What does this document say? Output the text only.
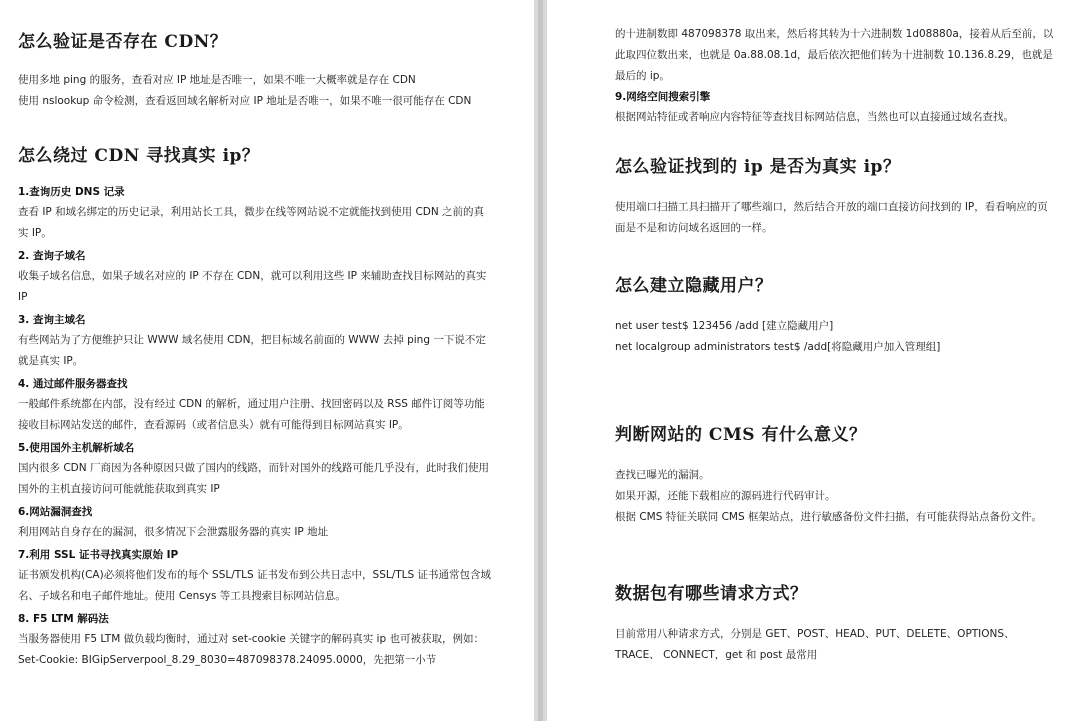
怎么验证是否存在 CDN？

使用多地 ping 的服务，查看对应 IP 地址是否唯一，如果不唯一大概率就是存在 CDN

使用 nslookup 命令检测，查看返回域名解析对应 IP 地址是否唯一，如果不唯一很可能存在 CDN

怎么绕过 CDN 寻找真实 ip？
1.查询历史 DNS 记录

查看 IP 和域名绑定的历史记录，利用站长工具，微步在线等网站说不定就能找到使用 CDN 之前的真实 IP。

2. 查询子域名

收集子域名信息，如果子域名对应的 IP 不存在 CDN，就可以利用这些 IP 来辅助查找目标网站的真实 IP

3. 查询主域名

有些网站为了方便维护只让 WWW 域名使用 CDN，把目标域名前面的 WWW 去掉 ping 一下说不定就是真实 IP。

4. 通过邮件服务器查找

一般邮件系统都在内部，没有经过 CDN 的解析，通过用户注册、找回密码以及 RSS 邮件订阅等功能接收目标网站发送的邮件，查看源码（或者信息头）就有可能得到目标网站真实 IP。

5.使用国外主机解析域名

国内很多 CDN 厂商因为各种原因只做了国内的线路，而针对国外的线路可能几乎没有，此时我们使用国外的主机直接访问可能就能获取到真实 IP

6.网站漏洞查找

利用网站自身存在的漏洞，很多情况下会泄露服务器的真实 IP 地址

7.利用 SSL 证书寻找真实原始 IP

证书颁发机构(CA)必须将他们发布的每个 SSL/TLS 证书发布到公共日志中，SSL/TLS 证书通常包含域名、子域名和电子邮件地址。使用 Censys 等工具搜索目标网站信息。

8. F5 LTM 解码法

当服务器使用 F5 LTM 做负载均衡时，通过对 set-cookie 关键字的解码真实 ip 也可被获取，例如：Set-Cookie: BIGipServerpool_8.29_8030=487098378.24095.0000，先把第一小节

的十进制数即 487098378 取出来，然后将其转为十六进制数 1d08880a，接着从后至前，以此取四位数出来，也就是 0a.88.08.1d，最后依次把他们转为十进制数 10.136.8.29，也就是最后的 ip。

9.网络空间搜索引擎

根据网站特征或者响应内容特征等查找目标网站信息，当然也可以直接通过域名查找。

怎么验证找到的 ip 是否为真实 ip？

使用端口扫描工具扫描开了哪些端口，然后结合开放的端口直接访问找到的 IP，看看响应的页面是不是和访问域名返回的一样。

怎么建立隐藏用户？

net user test$ 123456 /add [建立隐藏用户]

net localgroup administrators test$ /add[将隐藏用户加入管理组]

判断网站的 CMS 有什么意义？

查找已曝光的漏洞。

如果开源，还能下载相应的源码进行代码审计。

根据 CMS 特征关联同 CMS 框架站点，进行敏感备份文件扫描，有可能获得站点备份文件。

数据包有哪些请求方式？

目前常用八种请求方式，分别是 GET、POST、HEAD、PUT、DELETE、OPTIONS、TRACE、 CONNECT，get 和 post 最常用
